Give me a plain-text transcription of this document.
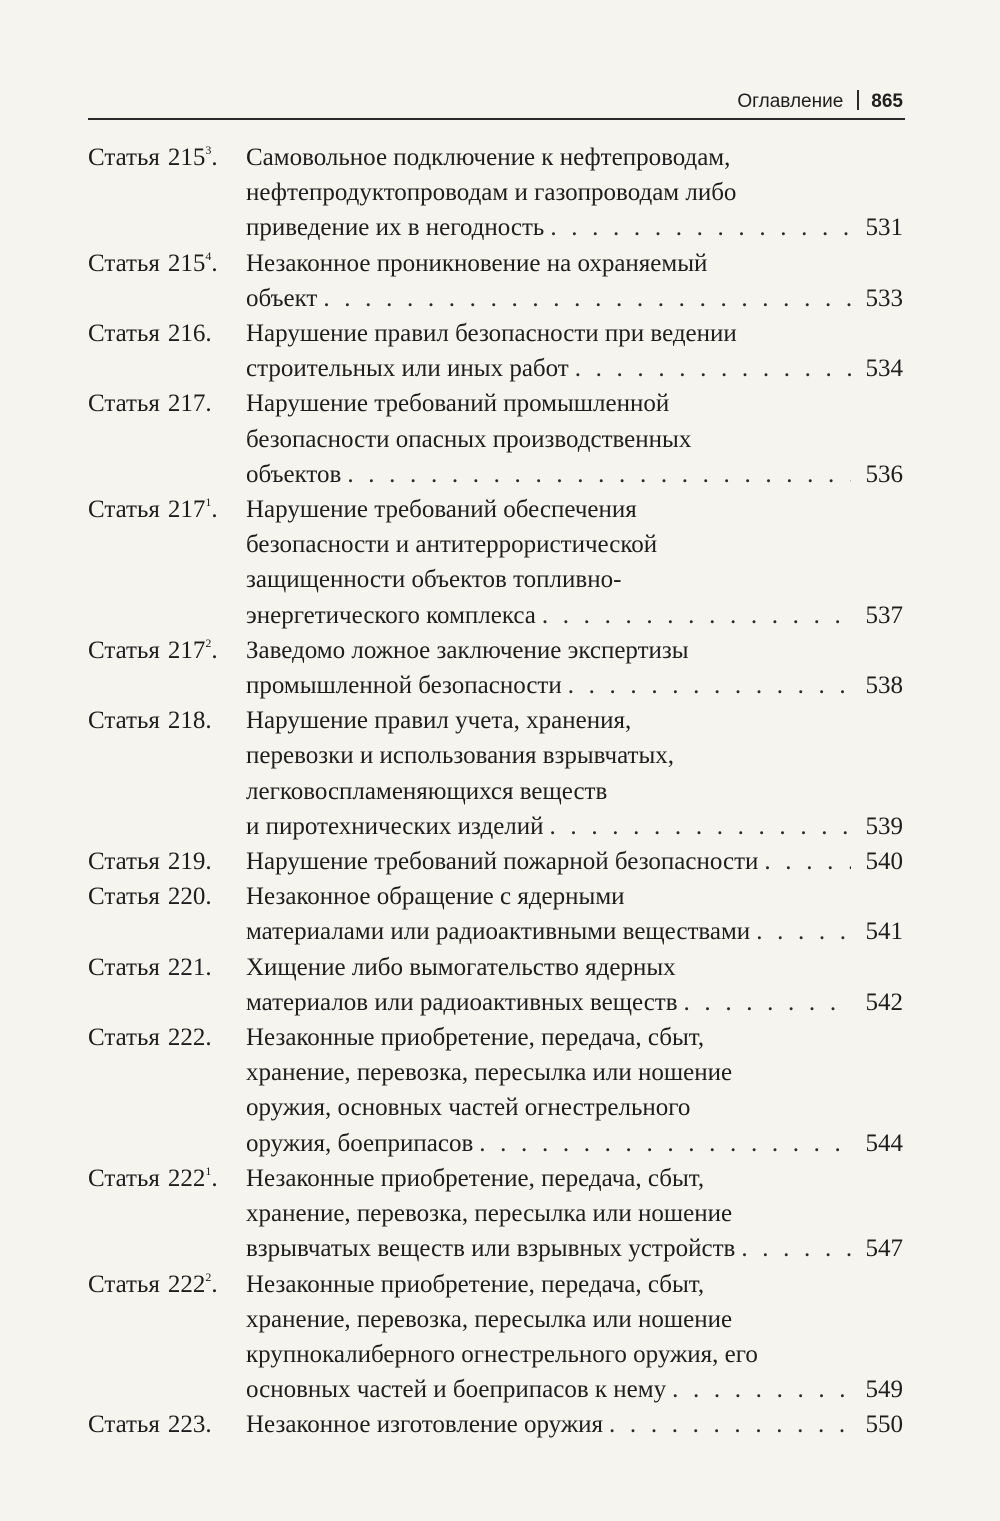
Оглавление 865
Статья $215^3$. Самовольное подключение к нефтепроводам,
нефтепродуктопроводам и газопроводам либо
приведение их в негодность . . .	531
Статья $215^4$. Незаконное проникновение на охраняемый
объект . . .	533
Статья 216. Нарушение правил безопасности при ведении
строительных или иных работ . . .	534
Статья 217. Нарушение требований промышленной
безопасности опасных производственных
объектов . . .	536
Статья $217^1$. Нарушение требований обеспечения
безопасности и антитеррористической
защищенности объектов топливно-
энергетического комплекса . . .	537
Статья $217^2$. Заведомо ложное заключение экспертизы
промышленной безопасности . . .	538
Статья 218. Нарушение правил учета, хранения,
перевозки и использования взрывчатых,
легковоспламеняющихся веществ
и пиротехнических изделий . . .	539
Статья 219. Нарушение требований пожарной безопасности . . .	540
Статья 220. Незаконное обращение с ядерными
материалами или радиоактивными веществами . . .	541
Статья 221. Хищение либо вымогательство ядерных
материалов или радиоактивных веществ . . .	542
Статья 222. Незаконные приобретение, передача, сбыт,
хранение, перевозка, пересылка или ношение
оружия, основных частей огнестрельного
оружия, боеприпасов . . .	544
Статья $222^1$. Незаконные приобретение, передача, сбыт,
хранение, перевозка, пересылка или ношение
взрывчатых веществ или взрывных устройств . . .	547
Статья $222^2$. Незаконные приобретение, передача, сбыт,
хранение, перевозка, пересылка или ношение
крупнокалиберного огнестрельного оружия, его
основных частей и боеприпасов к нему . . .	549
Статья 223. Незаконное изготовление оружия . . .	550
